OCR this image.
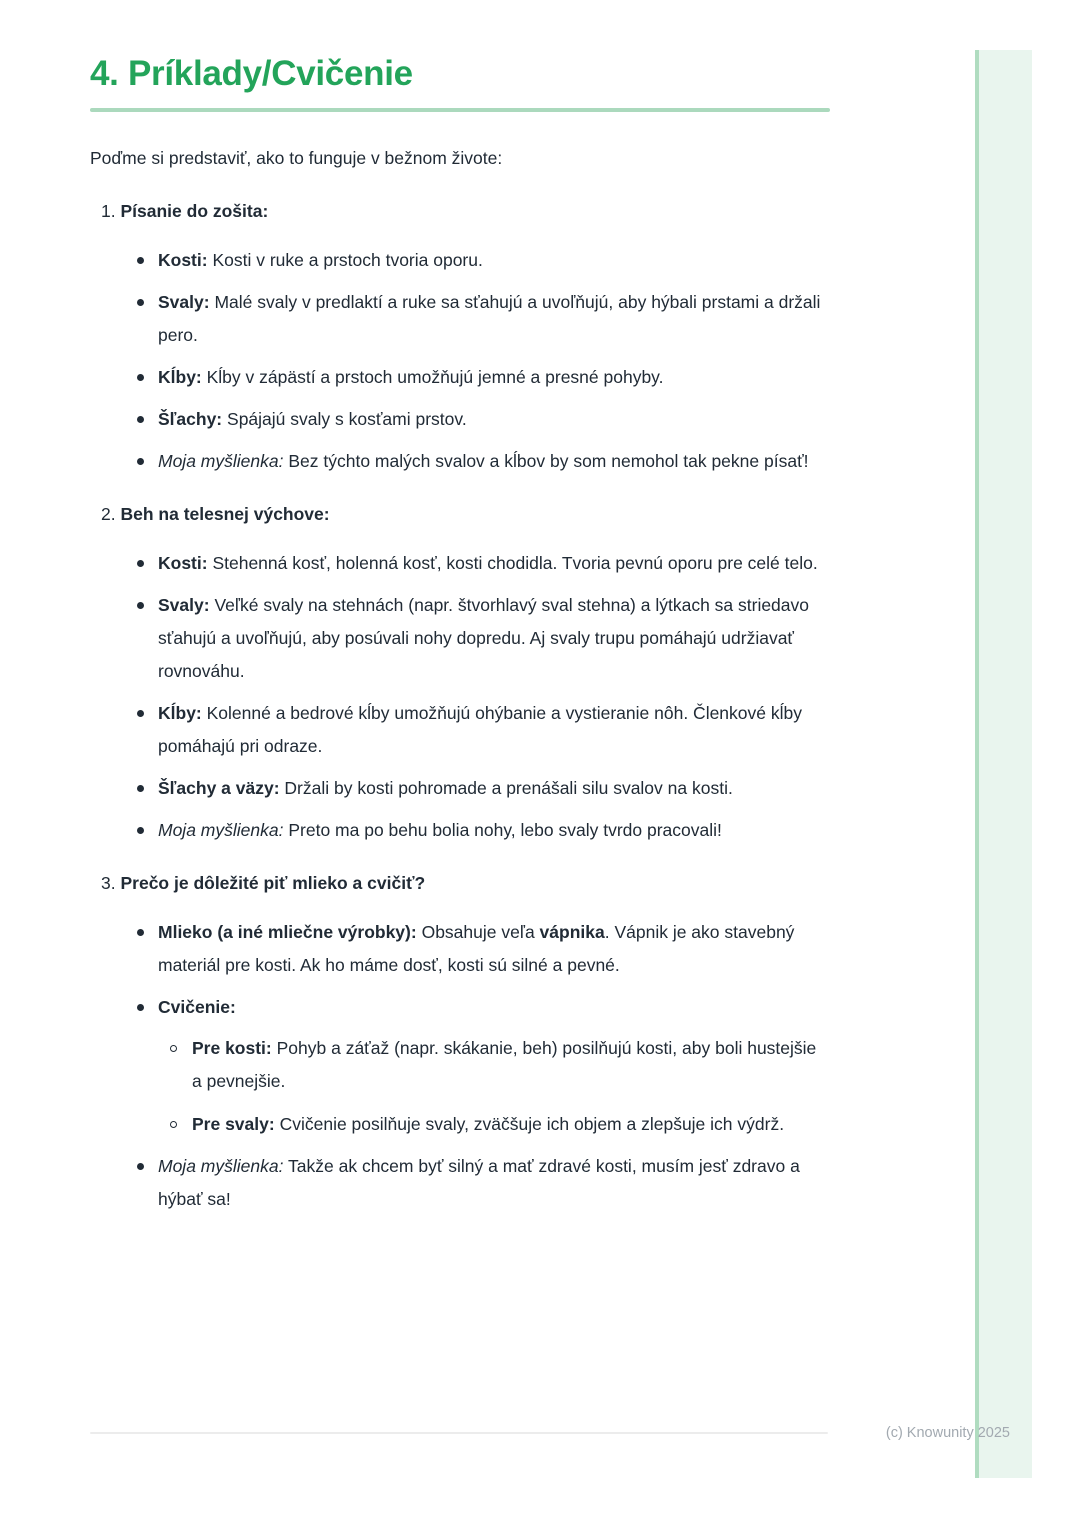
4. Príklady/Cvičenie

Poďme si predstaviť, ako to funguje v bežnom živote:

1. Písanie do zošita:
Kosti: Kosti v ruke a prstoch tvoria oporu.
Svaly: Malé svaly v predlaktí a ruke sa sťahujú a uvoľňujú, aby hýbali prstami a držali pero.
Kĺby: Kĺby v zápästí a prstoch umožňujú jemné a presné pohyby.
Šľachy: Spájajú svaly s kosťami prstov.
Moja myšlienka: Bez týchto malých svalov a kĺbov by som nemohol tak pekne písať!
2. Beh na telesnej výchove:
Kosti: Stehenná kosť, holenná kosť, kosti chodidla. Tvoria pevnú oporu pre celé telo.
Svaly: Veľké svaly na stehnách (napr. štvorhlavý sval stehna) a lýtkach sa striedavo sťahujú a uvoľňujú, aby posúvali nohy dopredu. Aj svaly trupu pomáhajú udržiavať rovnováhu.
Kĺby: Kolenné a bedrové kĺby umožňujú ohýbanie a vystieranie nôh. Členkové kĺby pomáhajú pri odraze.
Šľachy a väzy: Držali by kosti pohromade a prenášali silu svalov na kosti.
Moja myšlienka: Preto ma po behu bolia nohy, lebo svaly tvrdo pracovali!
3. Prečo je dôležité piť mlieko a cvičiť?
Mlieko (a iné mliečne výrobky): Obsahuje veľa vápnika. Vápnik je ako stavebný materiál pre kosti. Ak ho máme dosť, kosti sú silné a pevné.
Cvičenie:
Pre kosti: Pohyb a záťaž (napr. skákanie, beh) posilňujú kosti, aby boli hustejšie a pevnejšie.
Pre svaly: Cvičenie posilňuje svaly, zväčšuje ich objem a zlepšuje ich výdrž.
Moja myšlienka: Takže ak chcem byť silný a mať zdravé kosti, musím jesť zdravo a hýbať sa!
(c) Knowunity 2025
